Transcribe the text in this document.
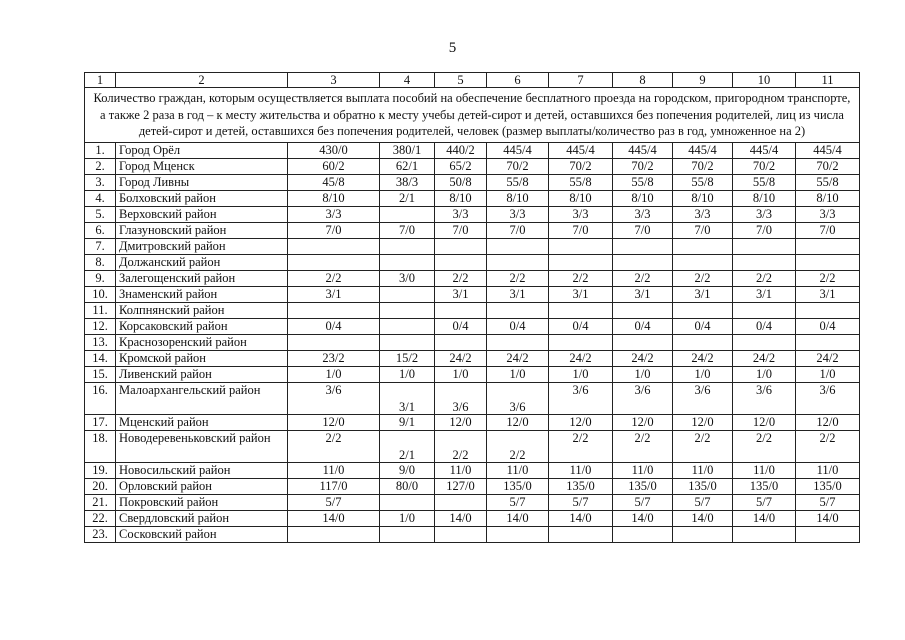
5
1	2	3	4	5	6	7	8	9	10	11
Количество граждан, которым осуществляется выплата пособий на обеспечение бесплатного проезда на городском, пригородном транспорте, а также 2 раза в год – к месту жительства и обратно к месту учебы детей-сирот и детей, оставшихся без попечения родителей, лиц из числа детей-сирот и детей, оставшихся без попечения родителей, человек (размер выплаты/количество раз в год, умноженное на 2)										
1.	Город Орёл	430/0	380/1	440/2	445/4	445/4	445/4	445/4	445/4	445/4
2.	Город Мценск	60/2	62/1	65/2	70/2	70/2	70/2	70/2	70/2	70/2
3.	Город Ливны	45/8	38/3	50/8	55/8	55/8	55/8	55/8	55/8	55/8
4.	Болховский район	8/10	2/1	8/10	8/10	8/10	8/10	8/10	8/10	8/10
5.	Верховский район	3/3		3/3	3/3	3/3	3/3	3/3	3/3	3/3
6.	Глазуновский район	7/0	7/0	7/0	7/0	7/0	7/0	7/0	7/0	7/0
7.	Дмитровский район									
8.	Должанский район									
9.	Залегощенский район	2/2	3/0	2/2	2/2	2/2	2/2	2/2	2/2	2/2
10.	Знаменский район	3/1		3/1	3/1	3/1	3/1	3/1	3/1	3/1
11.	Колпнянский район									
12.	Корсаковский район	0/4		0/4	0/4	0/4	0/4	0/4	0/4	0/4
13.	Краснозоренский район									
14.	Кромской район	23/2	15/2	24/2	24/2	24/2	24/2	24/2	24/2	24/2
15.	Ливенский район	1/0	1/0	1/0	1/0	1/0	1/0	1/0	1/0	1/0
16.	Малоархангельский район	3/6	3/1	3/6	3/6	3/6	3/6	3/6	3/6	3/6
17.	Мценский район	12/0	9/1	12/0	12/0	12/0	12/0	12/0	12/0	12/0
18.	Новодеревеньковский район	2/2	2/1	2/2	2/2	2/2	2/2	2/2	2/2	2/2
19.	Новосильский район	11/0	9/0	11/0	11/0	11/0	11/0	11/0	11/0	11/0
20.	Орловский район	117/0	80/0	127/0	135/0	135/0	135/0	135/0	135/0	135/0
21.	Покровский район	5/7			5/7	5/7	5/7	5/7	5/7	5/7
22.	Свердловский район	14/0	1/0	14/0	14/0	14/0	14/0	14/0	14/0	14/0
23.	Сосковский район									
